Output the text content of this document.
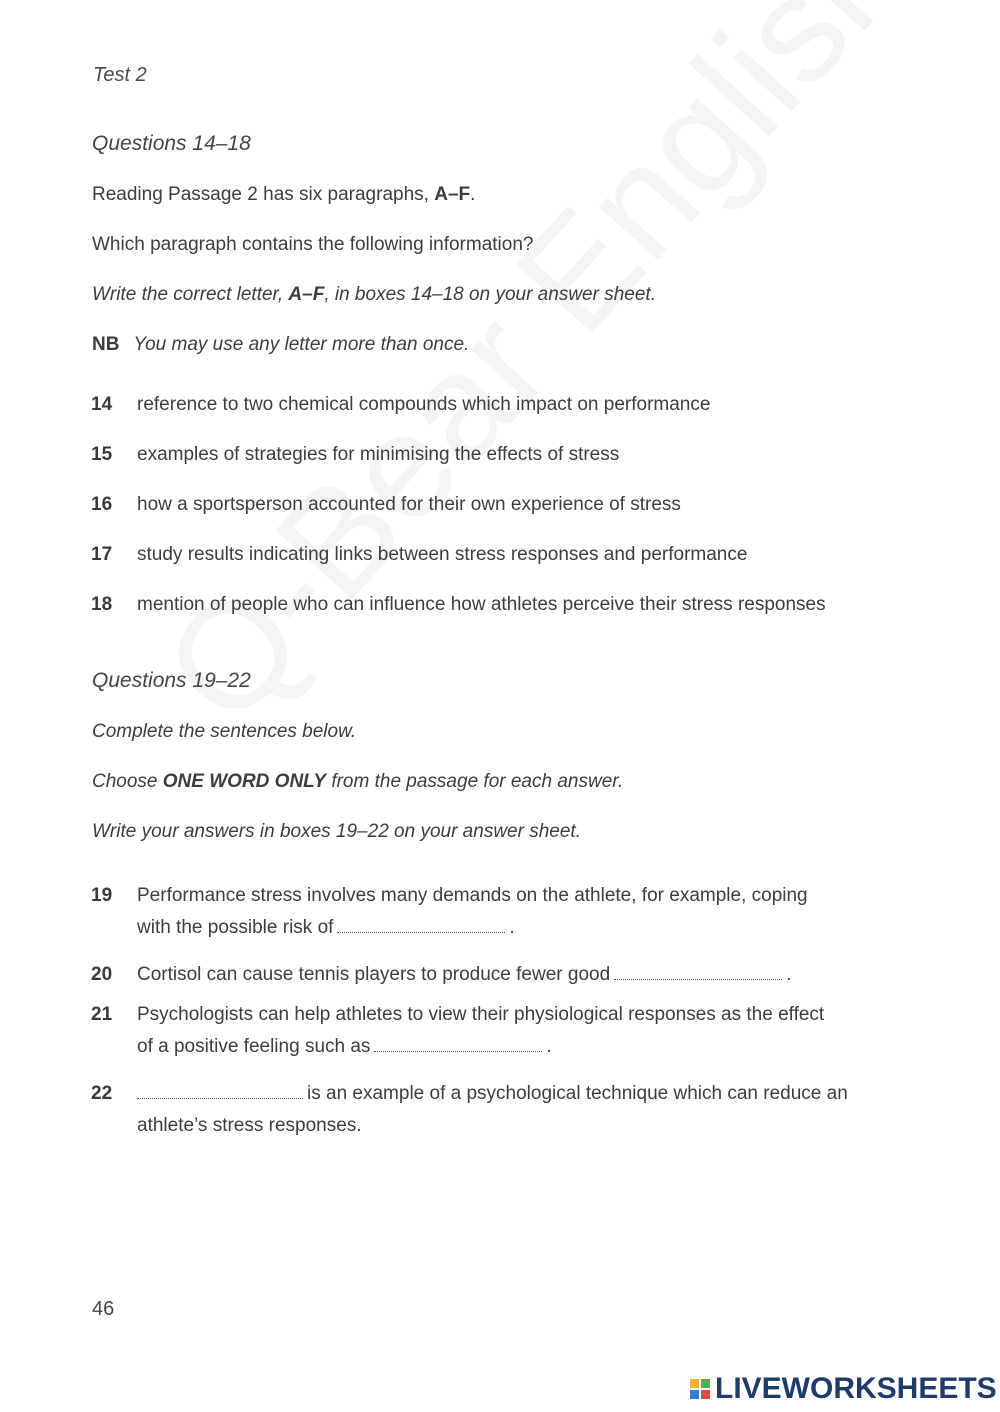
Test 2
Questions 14–18
Reading Passage 2 has six paragraphs, A–F.
Which paragraph contains the following information?
Write the correct letter, A–F, in boxes 14–18 on your answer sheet.
NB You may use any letter more than once.
14 reference to two chemical compounds which impact on performance
15 examples of strategies for minimising the effects of stress
16 how a sportsperson accounted for their own experience of stress
17 study results indicating links between stress responses and performance
18 mention of people who can influence how athletes perceive their stress responses
Questions 19–22
Complete the sentences below.
Choose ONE WORD ONLY from the passage for each answer.
Write your answers in boxes 19–22 on your answer sheet.
19 Performance stress involves many demands on the athlete, for example, coping
with the possible risk of	.
20 Cortisol can cause tennis players to produce fewer good	.
21 Psychologists can help athletes to view their physiological responses as the effect
of a positive feeling such as	.
22	is an example of a psychological technique which can reduce an
athlete’s stress responses.
46
LIVEWORKSHEETS
